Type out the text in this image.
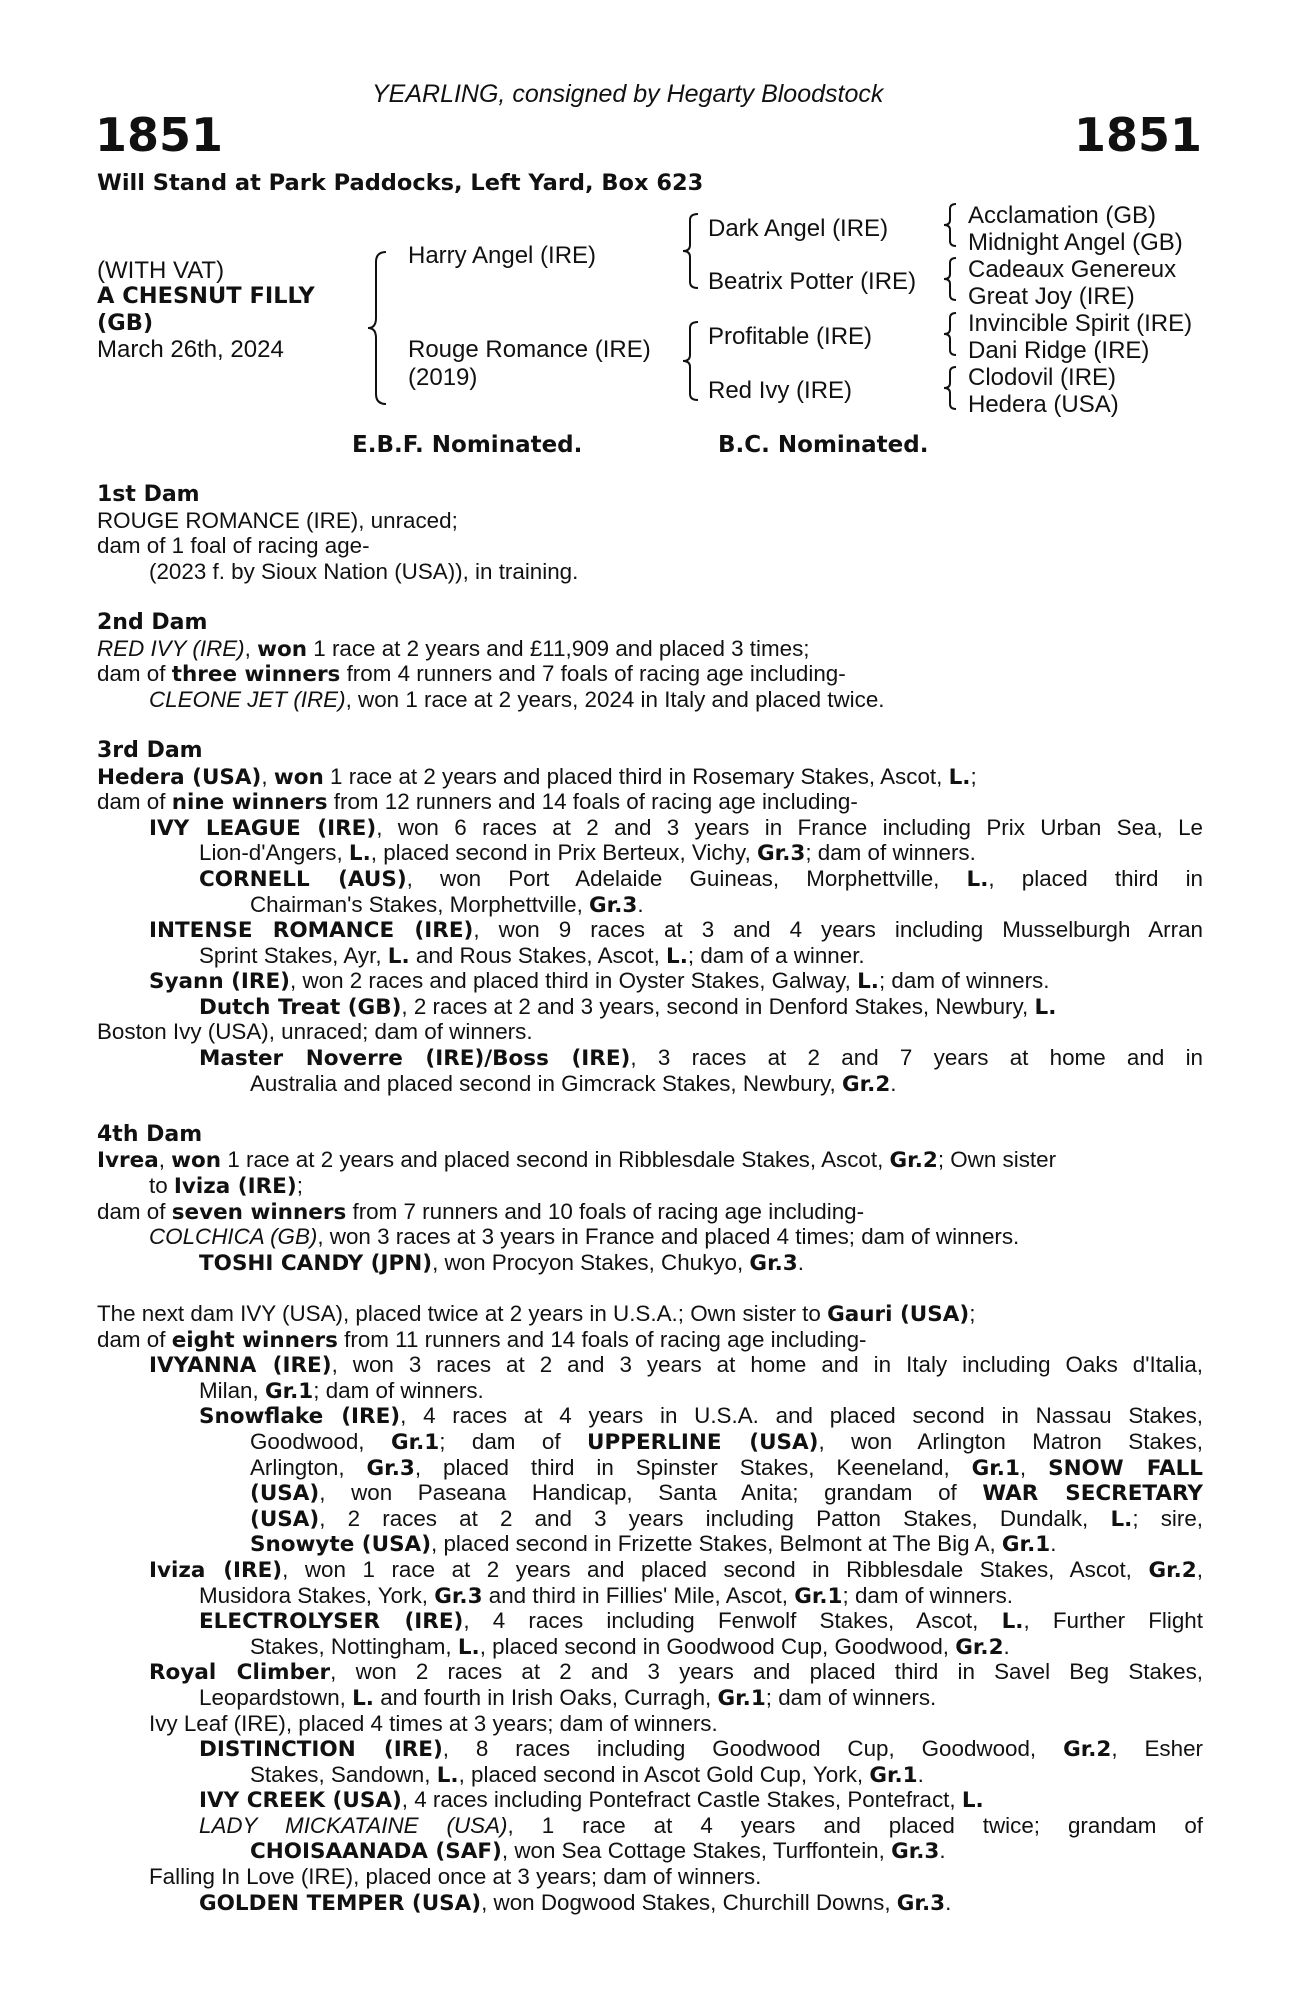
YEARLING, consigned by Hegarty Bloodstock
1851	1851
Will Stand at Park Paddocks, Left Yard, Box 623
(WITH VAT)
A CHESNUT FILLY
(GB)
March 26th, 2024
Harry Angel (IRE)
Rouge Romance (IRE)
(2019)
Dark Angel (IRE)
Beatrix Potter (IRE)
Profitable (IRE)
Red Ivy (IRE)
Acclamation (GB)
Midnight Angel (GB)
Cadeaux Genereux
Great Joy (IRE)
Invincible Spirit (IRE)
Dani Ridge (IRE)
Clodovil (IRE)
Hedera (USA)
E.B.F. Nominated.	B.C. Nominated.
1st Dam
ROUGE ROMANCE (IRE), unraced;
dam of 1 foal of racing age-
(2023 f. by Sioux Nation (USA)), in training.
2nd Dam
RED IVY (IRE), won 1 race at 2 years and £11,909 and placed 3 times;
dam of three winners from 4 runners and 7 foals of racing age including-
CLEONE JET (IRE), won 1 race at 2 years, 2024 in Italy and placed twice.
3rd Dam
Hedera (USA), won 1 race at 2 years and placed third in Rosemary Stakes, Ascot, L.;
dam of nine winners from 12 runners and 14 foals of racing age including-
IVY LEAGUE (IRE), won 6 races at 2 and 3 years in France including Prix Urban Sea, Le
Lion-d'Angers, L., placed second in Prix Berteux, Vichy, Gr.3; dam of winners.
CORNELL (AUS), won Port Adelaide Guineas, Morphettville, L., placed third in
Chairman's Stakes, Morphettville, Gr.3.
INTENSE ROMANCE (IRE), won 9 races at 3 and 4 years including Musselburgh Arran
Sprint Stakes, Ayr, L. and Rous Stakes, Ascot, L.; dam of a winner.
Syann (IRE), won 2 races and placed third in Oyster Stakes, Galway, L.; dam of winners.
Dutch Treat (GB), 2 races at 2 and 3 years, second in Denford Stakes, Newbury, L.
Boston Ivy (USA), unraced; dam of winners.
Master Noverre (IRE)/Boss (IRE), 3 races at 2 and 7 years at home and in
Australia and placed second in Gimcrack Stakes, Newbury, Gr.2.
4th Dam
Ivrea, won 1 race at 2 years and placed second in Ribblesdale Stakes, Ascot, Gr.2; Own sister
to Iviza (IRE);
dam of seven winners from 7 runners and 10 foals of racing age including-
COLCHICA (GB), won 3 races at 3 years in France and placed 4 times; dam of winners.
TOSHI CANDY (JPN), won Procyon Stakes, Chukyo, Gr.3.
The next dam IVY (USA), placed twice at 2 years in U.S.A.; Own sister to Gauri (USA);
dam of eight winners from 11 runners and 14 foals of racing age including-
IVYANNA (IRE), won 3 races at 2 and 3 years at home and in Italy including Oaks d'Italia,
Milan, Gr.1; dam of winners.
Snowflake (IRE), 4 races at 4 years in U.S.A. and placed second in Nassau Stakes,
Goodwood, Gr.1; dam of UPPERLINE (USA), won Arlington Matron Stakes,
Arlington, Gr.3, placed third in Spinster Stakes, Keeneland, Gr.1, SNOW FALL
(USA), won Paseana Handicap, Santa Anita; grandam of WAR SECRETARY
(USA), 2 races at 2 and 3 years including Patton Stakes, Dundalk, L.; sire,
Snowyte (USA), placed second in Frizette Stakes, Belmont at The Big A, Gr.1.
Iviza (IRE), won 1 race at 2 years and placed second in Ribblesdale Stakes, Ascot, Gr.2,
Musidora Stakes, York, Gr.3 and third in Fillies' Mile, Ascot, Gr.1; dam of winners.
ELECTROLYSER (IRE), 4 races including Fenwolf Stakes, Ascot, L., Further Flight
Stakes, Nottingham, L., placed second in Goodwood Cup, Goodwood, Gr.2.
Royal Climber, won 2 races at 2 and 3 years and placed third in Savel Beg Stakes,
Leopardstown, L. and fourth in Irish Oaks, Curragh, Gr.1; dam of winners.
Ivy Leaf (IRE), placed 4 times at 3 years; dam of winners.
DISTINCTION (IRE), 8 races including Goodwood Cup, Goodwood, Gr.2, Esher
Stakes, Sandown, L., placed second in Ascot Gold Cup, York, Gr.1.
IVY CREEK (USA), 4 races including Pontefract Castle Stakes, Pontefract, L.
LADY MICKATAINE (USA), 1 race at 4 years and placed twice; grandam of
CHOISAANADA (SAF), won Sea Cottage Stakes, Turffontein, Gr.3.
Falling In Love (IRE), placed once at 3 years; dam of winners.
GOLDEN TEMPER (USA), won Dogwood Stakes, Churchill Downs, Gr.3.
